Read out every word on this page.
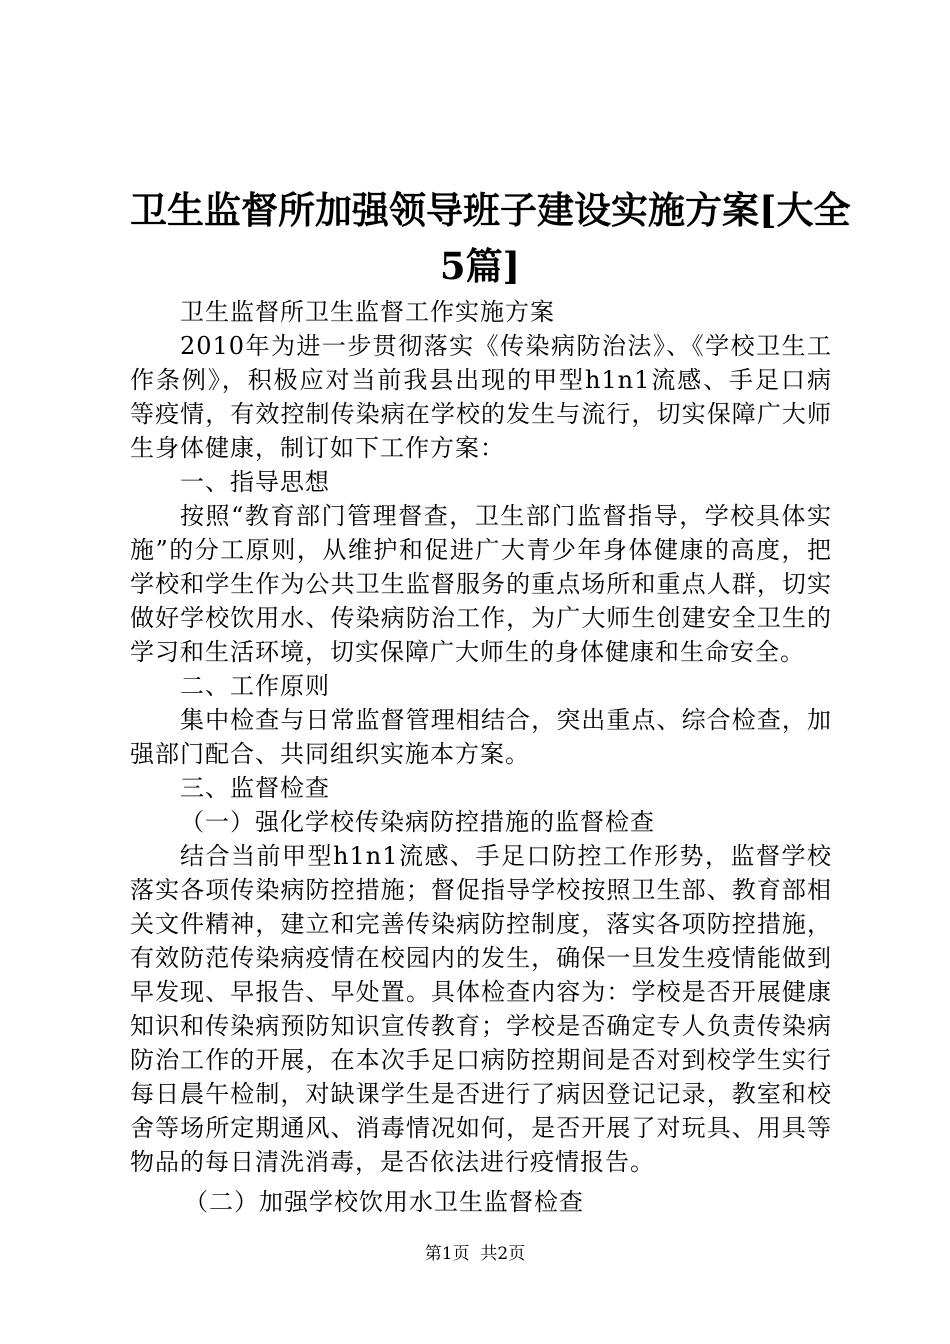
卫生监督所加强领导班子建设实施方案[大全
5篇]

卫生监督所卫生监督工作实施方案

2010年为进一步贯彻落实《传染病防治法》、《学校卫生工作条例》，积极应对当前我县出现的甲型h1n1流感、手足口病等疫情，有效控制传染病在学校的发生与流行，切实保障广大师生身体健康，制订如下工作方案：

一、指导思想

按照“教育部门管理督查，卫生部门监督指导，学校具体实施”的分工原则，从维护和促进广大青少年身体健康的高度，把学校和学生作为公共卫生监督服务的重点场所和重点人群，切实做好学校饮用水、传染病防治工作，为广大师生创建安全卫生的学习和生活环境，切实保障广大师生的身体健康和生命安全。

二、工作原则

集中检查与日常监督管理相结合，突出重点、综合检查，加强部门配合、共同组织实施本方案。

三、监督检查

（一）强化学校传染病防控措施的监督检查

结合当前甲型h1n1流感、手足口防控工作形势，监督学校落实各项传染病防控措施；督促指导学校按照卫生部、教育部相关文件精神，建立和完善传染病防控制度，落实各项防控措施，有效防范传染病疫情在校园内的发生，确保一旦发生疫情能做到早发现、早报告、早处置。具体检查内容为：学校是否开展健康知识和传染病预防知识宣传教育；学校是否确定专人负责传染病防治工作的开展，在本次手足口病防控期间是否对到校学生实行每日晨午检制，对缺课学生是否进行了病因登记记录，教室和校舍等场所定期通风、消毒情况如何，是否开展了对玩具、用具等物品的每日清洗消毒，是否依法进行疫情报告。

（二）加强学校饮用水卫生监督检查

第1页  共2页
